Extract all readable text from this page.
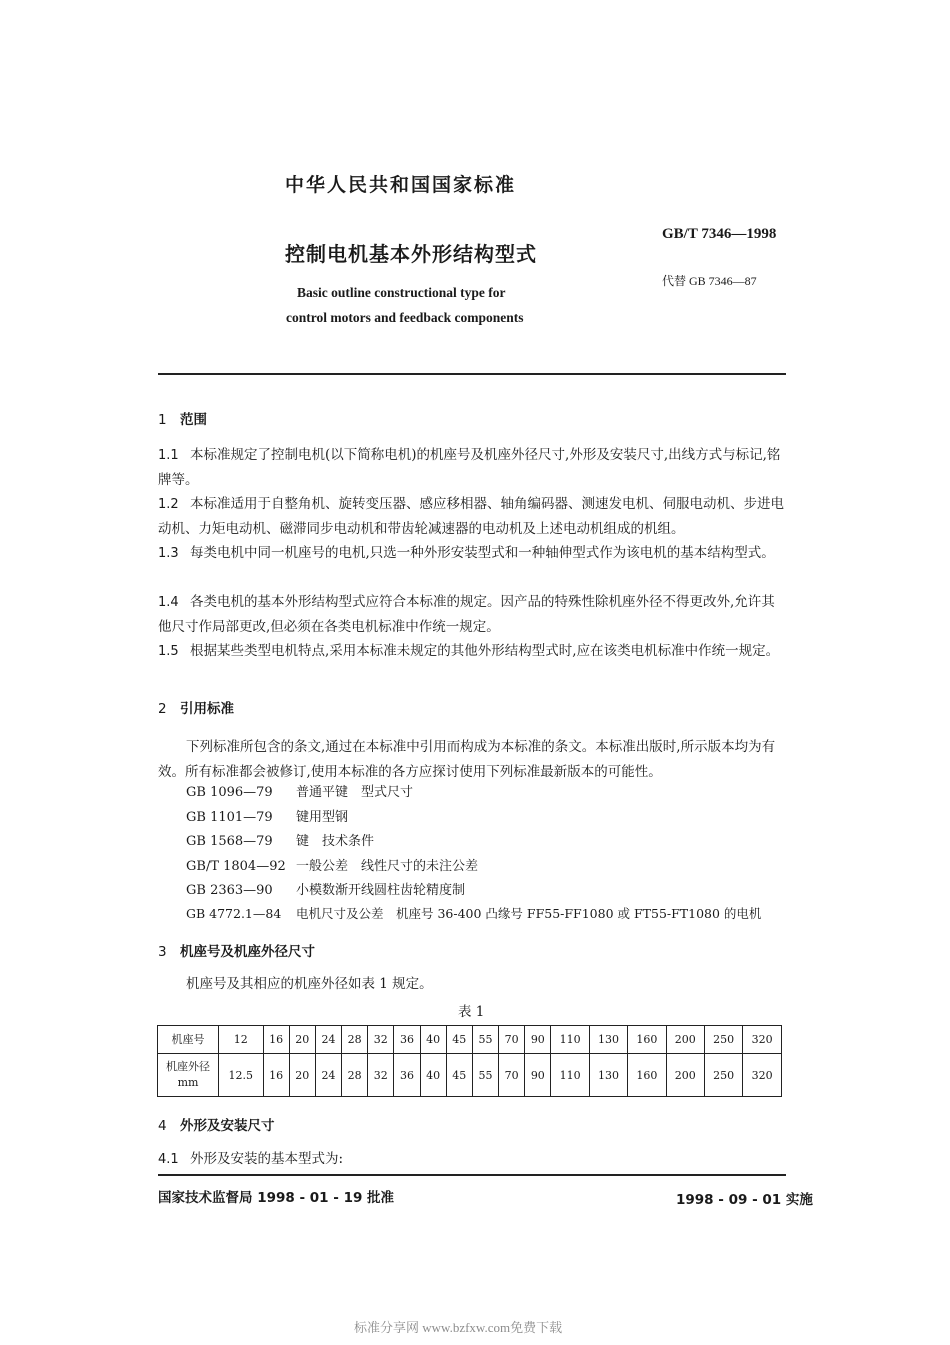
中华人民共和国国家标准
GB/T 7346—1998
代替 GB 7346—87
控制电机基本外形结构型式
Basic outline constructional type for
control motors and feedback components
1 范围
1.1 本标准规定了控制电机(以下简称电机)的机座号及机座外径尺寸,外形及安装尺寸,出线方式与标记,铭牌等。
1.2 本标准适用于自整角机、旋转变压器、感应移相器、轴角编码器、测速发电机、伺服电动机、步进电动机、力矩电动机、磁滞同步电动机和带齿轮减速器的电动机及上述电动机组成的机组。
1.3 每类电机中同一机座号的电机,只选一种外形安装型式和一种轴伸型式作为该电机的基本结构型式。
1.4 各类电机的基本外形结构型式应符合本标准的规定。因产品的特殊性除机座外径不得更改外,允许其他尺寸作局部更改,但必须在各类电机标准中作统一规定。
1.5 根据某些类型电机特点,采用本标准未规定的其他外形结构型式时,应在该类电机标准中作统一规定。
2 引用标准
下列标准所包含的条文,通过在本标准中引用而构成为本标准的条文。本标准出版时,所示版本均为有效。所有标准都会被修订,使用本标准的各方应探讨使用下列标准最新版本的可能性。
GB 1096—79 普通平键　型式尺寸
GB 1101—79 键用型钢
GB 1568—79 键　技术条件
GB/T 1804—92 一般公差　线性尺寸的未注公差
GB 2363—90 小模数渐开线圆柱齿轮精度制
GB 4772.1—84 电机尺寸及公差　机座号 36-400 凸缘号 FF55-FF1080 或 FT55-FT1080 的电机
3 机座号及机座外径尺寸
机座号及其相应的机座外径如表 1 规定。
表 1
机座号	12	16	20	24	28	32	36	40	45	55	70	90	110	130	160	200	250	320

机座外径
mm	12.5	16	20	24	28	32	36	40	45	55	70	90	110	130	160	200	250	320
4 外形及安装尺寸
4.1 外形及安装的基本型式为:
国家技术监督局 1998 - 01 - 19 批准	1998 - 09 - 01 实施
标准分享网 www.bzfxw.com免费下载
